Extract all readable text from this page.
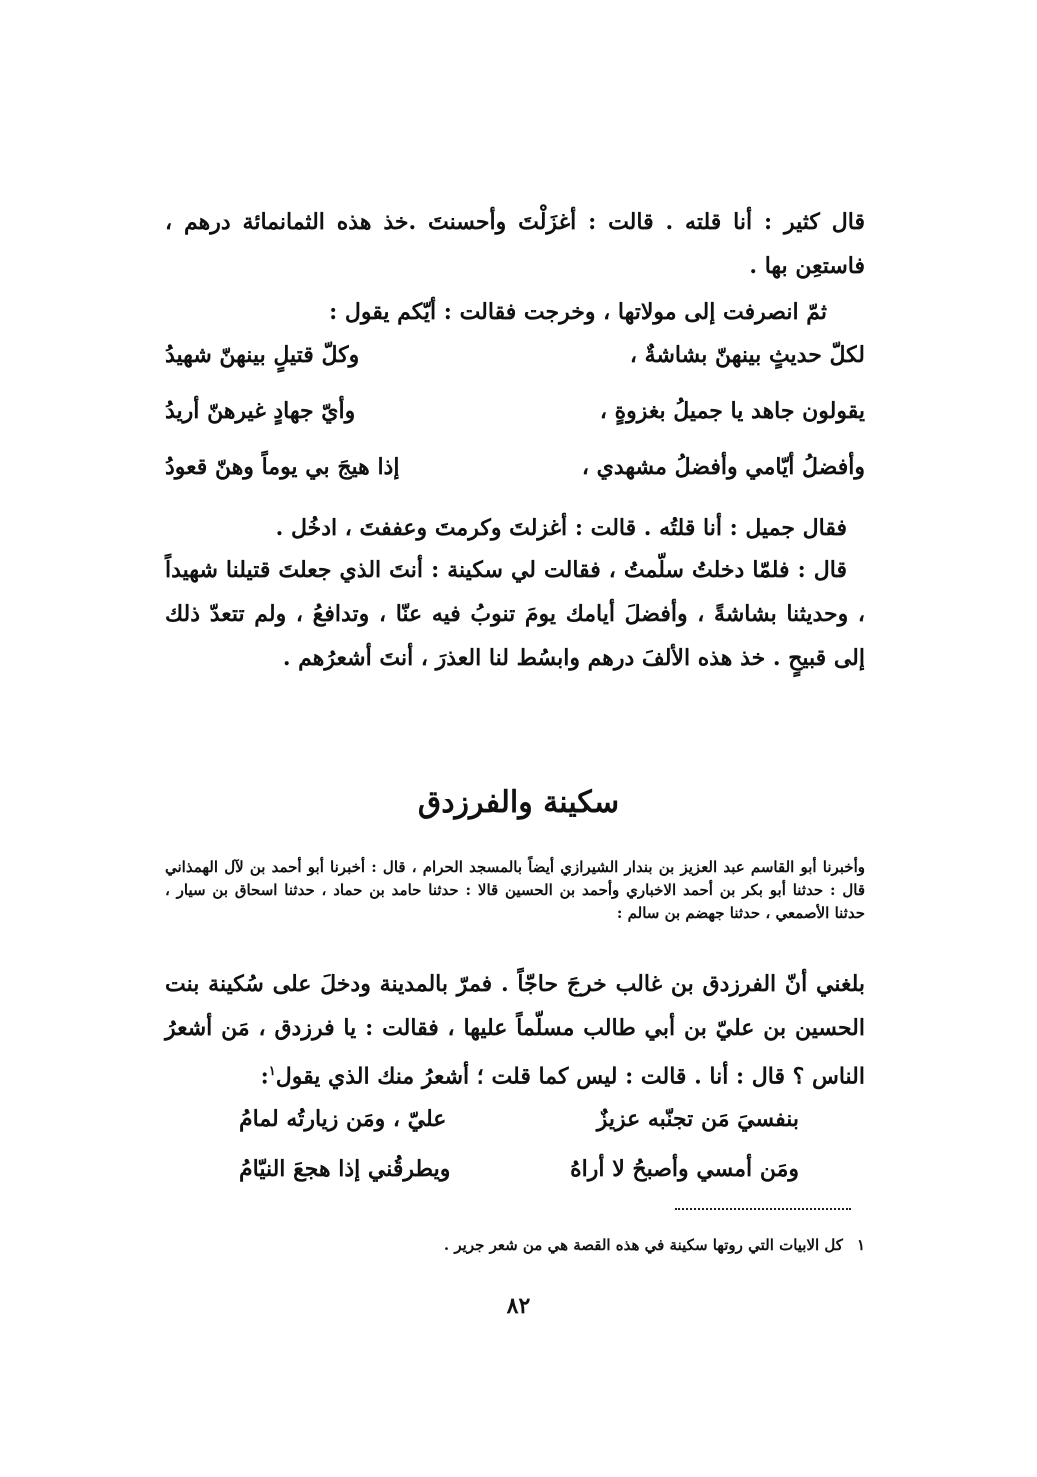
قال كثير : أنا قلته . قالت : أغزَلْتَ وأحسنتَ .خذ هذه الثمانمائة درهم ، فاستعِن بها .

ثمّ انصرفت إلى مولاتها ، وخرجت فقالت : أيّكم يقول :

لكلّ حديثٍ بينهنّ بشاشةٌ ،
وكلّ قتيلٍ بينهنّ شهيدُ
يقولون جاهد يا جميلُ بغزوةٍ ،
وأيّ جهادٍ غيرهنّ أريدُ
وأفضلُ أيّامي وأفضلُ مشهدي ،
إذا هيجَ بي يوماً وهنّ قعودُ

فقال جميل : أنا قلتُه . قالت : أغزلتَ وكرمتَ وعففتَ ، ادخُل .

قال : فلمّا دخلتُ سلّمتُ ، فقالت لي سكينة : أنتَ الذي جعلتَ قتيلنا شهيداً ، وحديثنا بشاشةً ، وأفضلَ أيامك يومَ تنوبُ فيه عنّا ، وتدافعُ ، ولم تتعدّ ذلك إلى قبيحٍ . خذ هذه الألفَ درهم وابسُط لنا العذرَ ، أنتَ أشعرُهم .

سكينة والفرزدق

وأخبرنا أبو القاسم عبد العزيز بن بندار الشيرازي أيضاً بالمسجد الحرام ، قال : أخبرنا أبو أحمد بن لآل الهمذاني قال : حدثنا أبو بكر بن أحمد الاخباري وأحمد بن الحسين قالا : حدثنا حامد بن حماد ، حدثنا اسحاق بن سيار ، حدثنا الأصمعي ، حدثنا جهضم بن سالم :

بلغني أنّ الفرزدق بن غالب خرجَ حاجّاً . فمرّ بالمدينة ودخلَ على سُكينة بنت الحسين بن عليّ بن أبي طالب مسلّماً عليها ، فقالت : يا فرزدق ، مَن أشعرُ الناس ؟ قال : أنا . قالت : ليس كما قلت ؛ أشعرُ منك الذي يقول$^١$:

بنفسيَ مَن تجنّبه عزيزٌ
عليّ ، ومَن زيارتُه لمامُ
ومَن أمسي وأصبحُ لا أراهُ
ويطرقُني إذا هجعَ النيّامُ
١كل الابيات التي روتها سكينة في هذه القصة هي من شعر جرير .
٨٢
